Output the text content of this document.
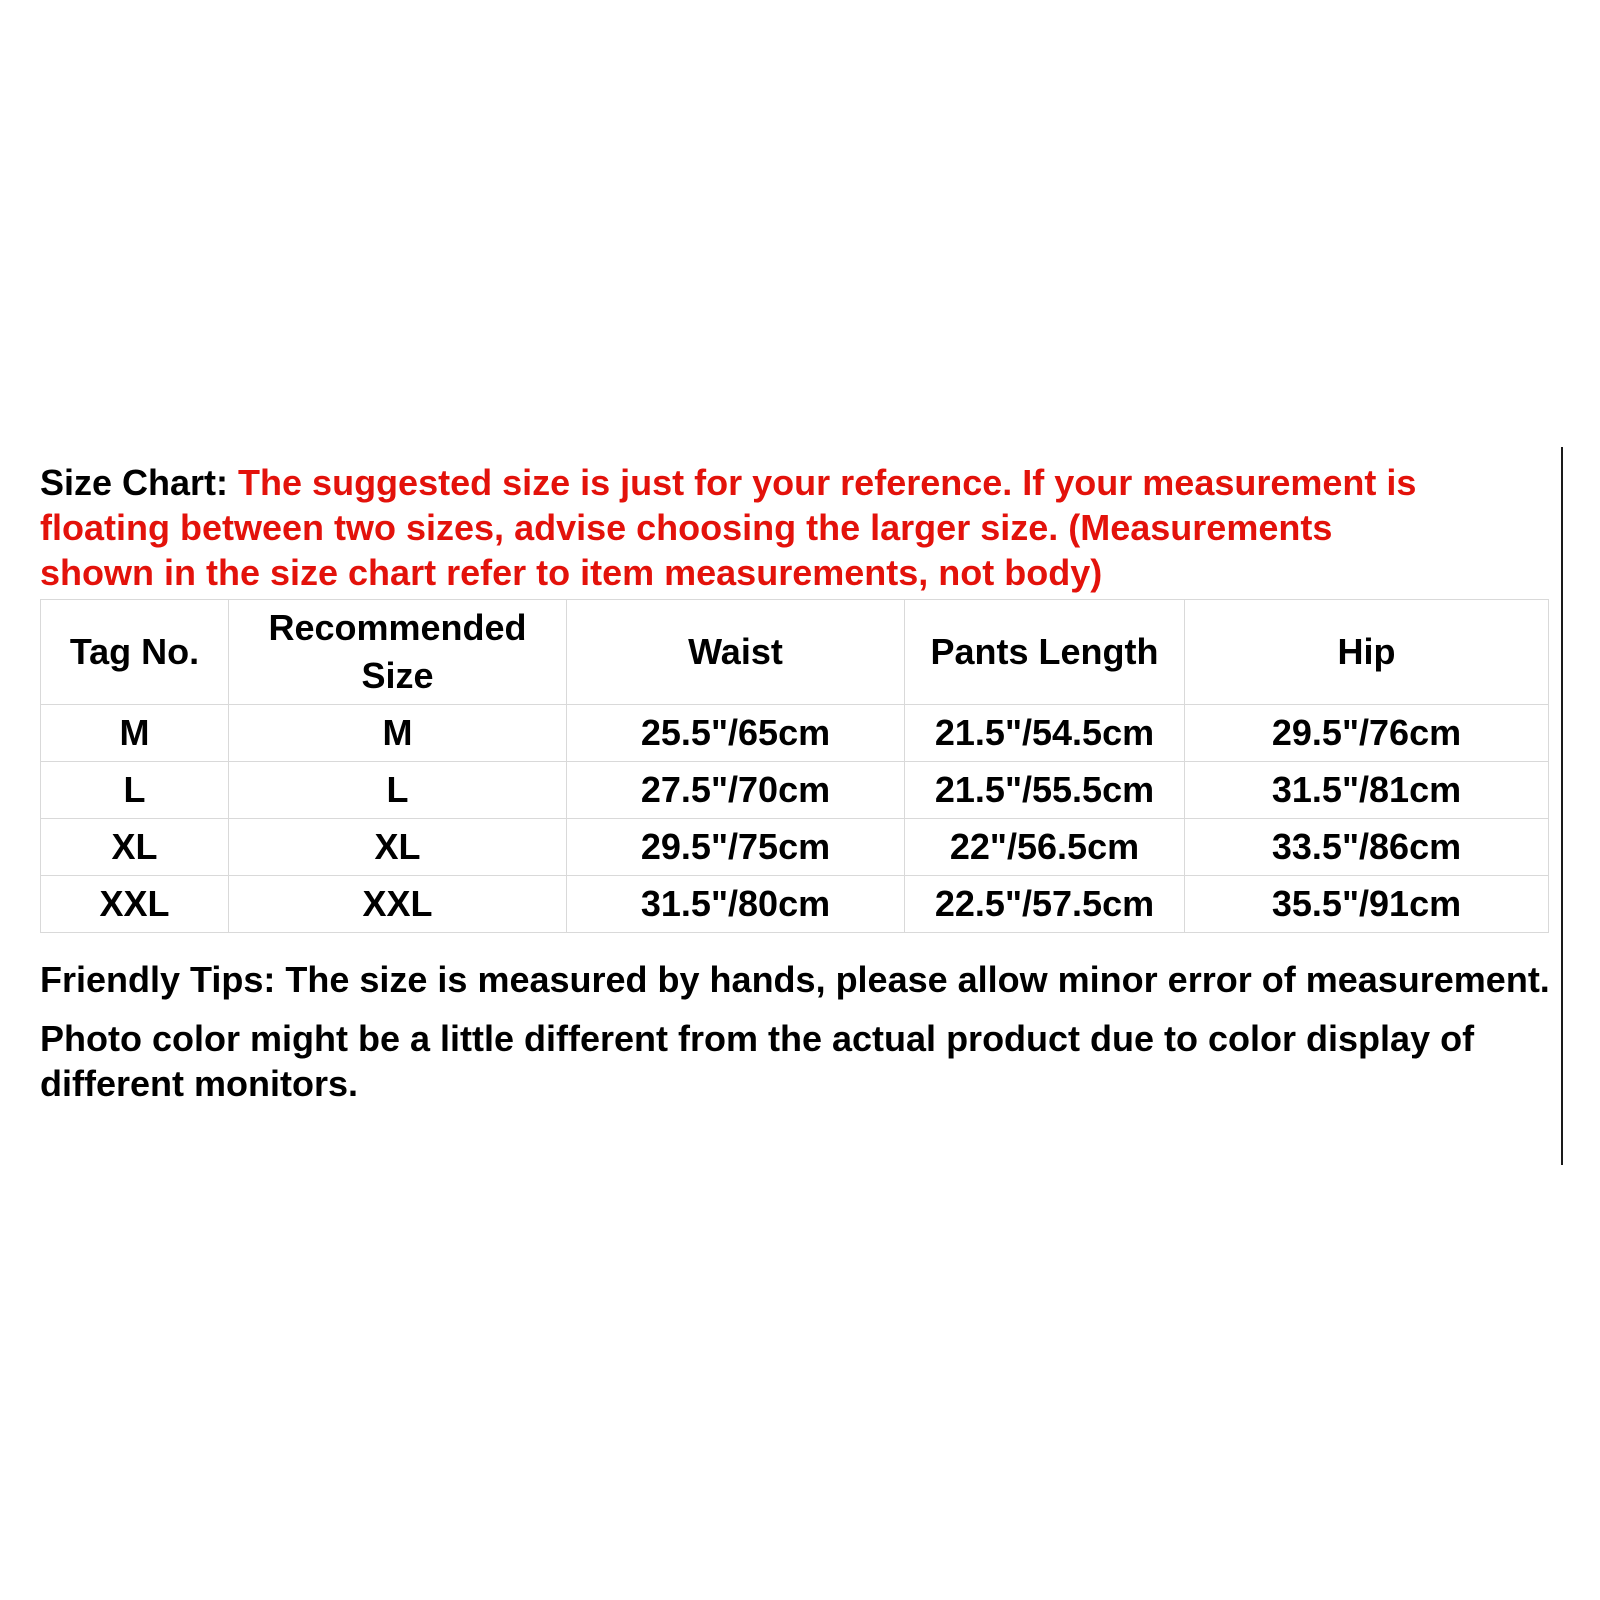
Size Chart: The suggested size is just for your reference. If your measurement is
floating between two sizes, advise choosing the larger size. (Measurements
shown in the size chart refer to item measurements, not body)
Tag No.	Recommended Size	Waist	Pants Length	Hip
M	M	25.5"/65cm	21.5"/54.5cm	29.5"/76cm
L	L	27.5"/70cm	21.5"/55.5cm	31.5"/81cm
XL	XL	29.5"/75cm	22"/56.5cm	33.5"/86cm
XXL	XXL	31.5"/80cm	22.5"/57.5cm	35.5"/91cm

Friendly Tips: The size is measured by hands, please allow minor error of measurement.

Photo color might be a little different from the actual product due to color display of different monitors.
